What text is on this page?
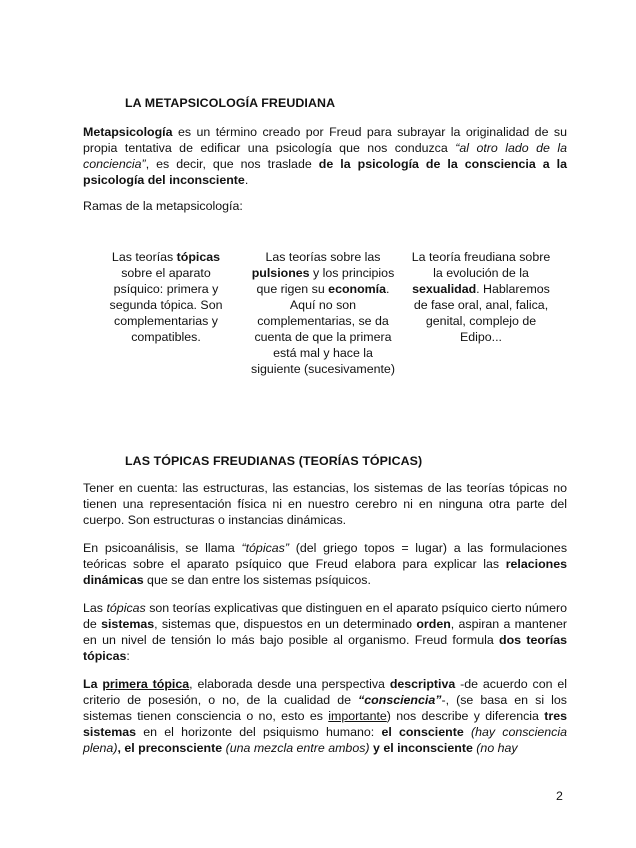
LA METAPSICOLOGÍA FREUDIANA
Metapsicología es un término creado por Freud para subrayar la originalidad de su propia tentativa de edificar una psicología que nos conduzca “al otro lado de la conciencia”, es decir, que nos traslade de la psicología de la consciencia a la psicología del inconsciente.
Ramas de la metapsicología:
Las teorías tópicas sobre el aparato psíquico: primera y segunda tópica. Son complementarias y compatibles.
Las teorías sobre las pulsiones y los principios que rigen su economía.
Aquí no son complementarias, se da cuenta de que la primera está mal y hace la siguiente (sucesivamente)
La teoría freudiana sobre la evolución de la sexualidad. Hablaremos de fase oral, anal, falica, genital, complejo de Edipo...
LAS TÓPICAS FREUDIANAS (TEORÍAS TÓPICAS)
Tener en cuenta: las estructuras, las estancias, los sistemas de las teorías tópicas no tienen una representación física ni en nuestro cerebro ni en ninguna otra parte del cuerpo. Son estructuras o instancias dinámicas.
En psicoanálisis, se llama “tópicas” (del griego topos = lugar) a las formulaciones teóricas sobre el aparato psíquico que Freud elabora para explicar las relaciones dinámicas que se dan entre los sistemas psíquicos.
Las tópicas son teorías explicativas que distinguen en el aparato psíquico cierto número de sistemas, sistemas que, dispuestos en un determinado orden, aspiran a mantener en un nivel de tensión lo más bajo posible al organismo. Freud formula dos teorías tópicas:
La primera tópica, elaborada desde una perspectiva descriptiva -de acuerdo con el criterio de posesión, o no, de la cualidad de “consciencia”-, (se basa en si los sistemas tienen consciencia o no, esto es importante) nos describe y diferencia tres sistemas en el horizonte del psiquismo humano: el consciente (hay consciencia plena), el preconsciente (una mezcla entre ambos) y el inconsciente (no hay
2
